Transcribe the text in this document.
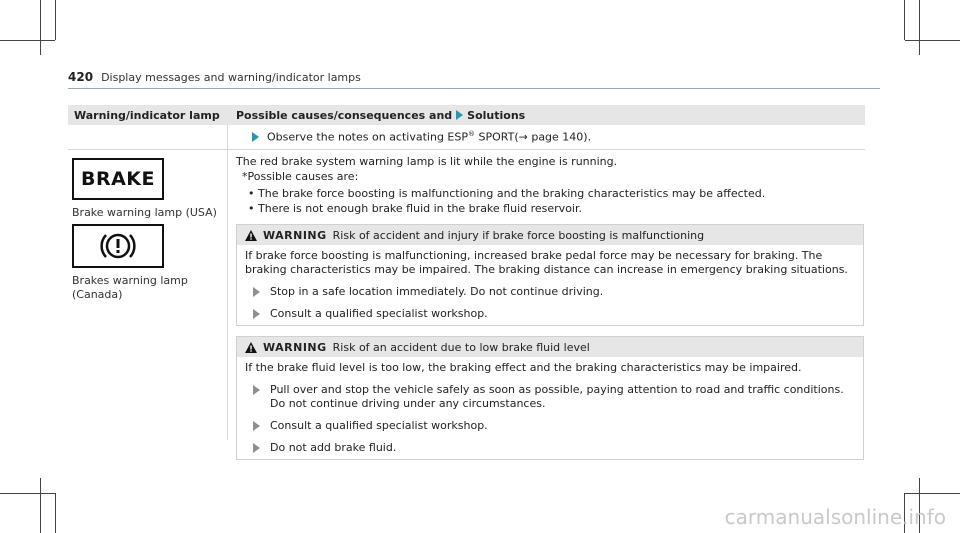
420 Display messages and warning/indicator lamps
Warning/indicator lamp	Possible causes/consequences and Solutions
Observe the notes on activating ESP® SPORT(→ page 140).
BRAKE
Brake warning lamp (USA)
Brakes warning lamp (Canada)
The red brake system warning lamp is lit while the engine is running.
*Possible causes are:
• The brake force boosting is malfunctioning and the braking characteristics may be affected.
• There is not enough brake fluid in the brake fluid reservoir.
WARNING Risk of accident and injury if brake force boosting is malfunctioning
If brake force boosting is malfunctioning, increased brake pedal force may be necessary for braking. The braking characteristics may be impaired. The braking distance can increase in emergency braking situations.
Stop in a safe location immediately. Do not continue driving.
Consult a qualified specialist workshop.
WARNING Risk of an accident due to low brake fluid level
If the brake fluid level is too low, the braking effect and the braking characteristics may be impaired.
Pull over and stop the vehicle safely as soon as possible, paying attention to road and traffic conditions. Do not continue driving under any circumstances.
Consult a qualified specialist workshop.
Do not add brake fluid.
carmanualsonline.info
